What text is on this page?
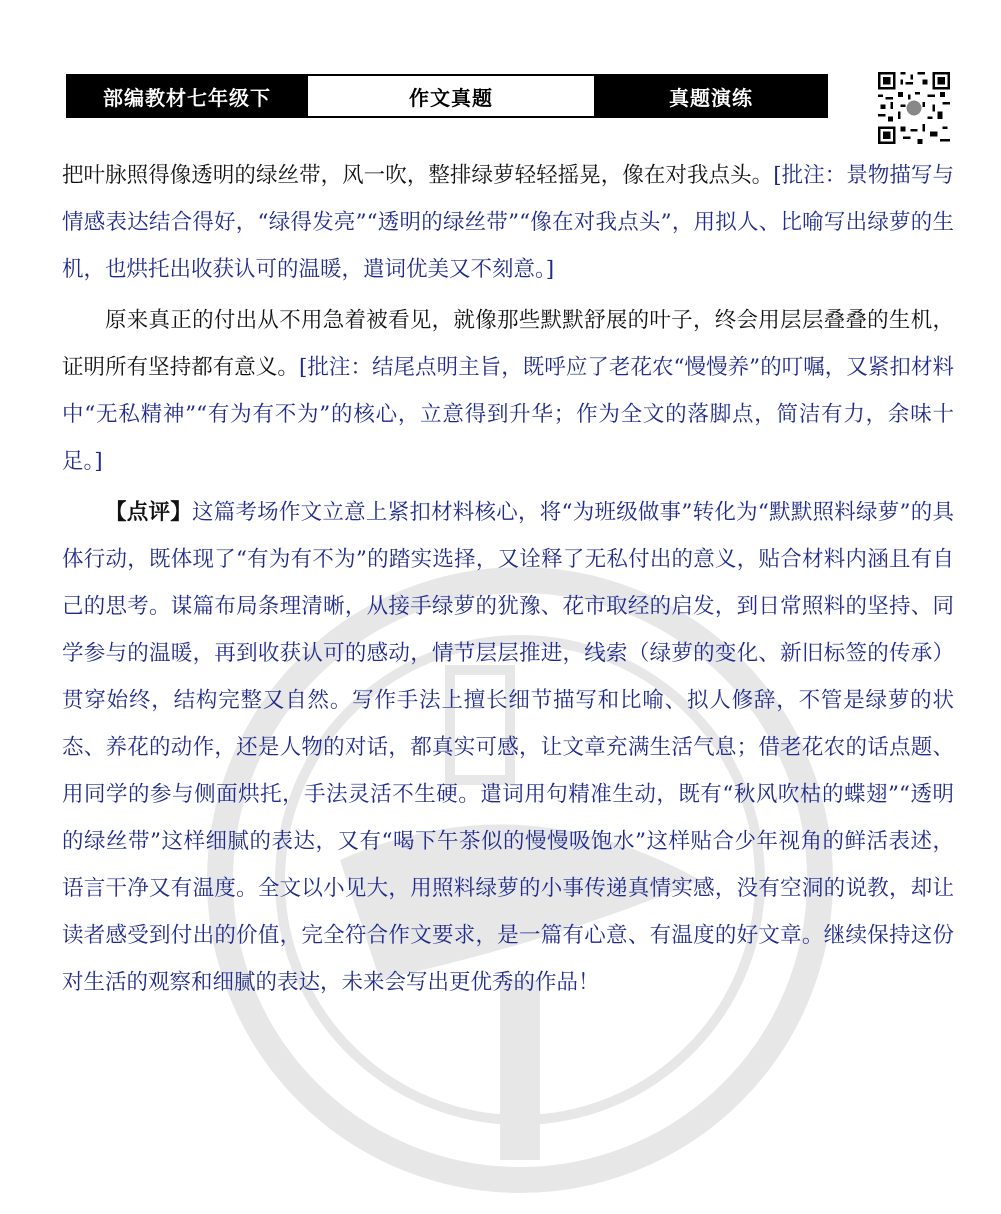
部编教材七年级下	作文真题	真题演练

把叶脉照得像透明的绿丝带，风一吹，整排绿萝轻轻摇晃，像在对我点头。[批注：景物描写与情感表达结合得好，“绿得发亮”“透明的绿丝带”“像在对我点头”，用拟人、比喻写出绿萝的生机，也烘托出收获认可的温暖，遣词优美又不刻意。]

原来真正的付出从不用急着被看见，就像那些默默舒展的叶子，终会用层层叠叠的生机，证明所有坚持都有意义。[批注：结尾点明主旨，既呼应了老花农“慢慢养”的叮嘱，又紧扣材料中“无私精神”“有为有不为”的核心，立意得到升华；作为全文的落脚点，简洁有力，余味十足。]

【点评】这篇考场作文立意上紧扣材料核心，将“为班级做事”转化为“默默照料绿萝”的具体行动，既体现了“有为有不为”的踏实选择，又诠释了无私付出的意义，贴合材料内涵且有自己的思考。谋篇布局条理清晰，从接手绿萝的犹豫、花市取经的启发，到日常照料的坚持、同学参与的温暖，再到收获认可的感动，情节层层推进，线索（绿萝的变化、新旧标签的传承）贯穿始终，结构完整又自然。写作手法上擅长细节描写和比喻、拟人修辞，不管是绿萝的状态、养花的动作，还是人物的对话，都真实可感，让文章充满生活气息；借老花农的话点题、用同学的参与侧面烘托，手法灵活不生硬。遣词用句精准生动，既有“秋风吹枯的蝶翅”“透明的绿丝带”这样细腻的表达，又有“喝下午茶似的慢慢吸饱水”这样贴合少年视角的鲜活表述，语言干净又有温度。全文以小见大，用照料绿萝的小事传递真情实感，没有空洞的说教，却让读者感受到付出的价值，完全符合作文要求，是一篇有心意、有温度的好文章。继续保持这份对生活的观察和细腻的表达，未来会写出更优秀的作品！
